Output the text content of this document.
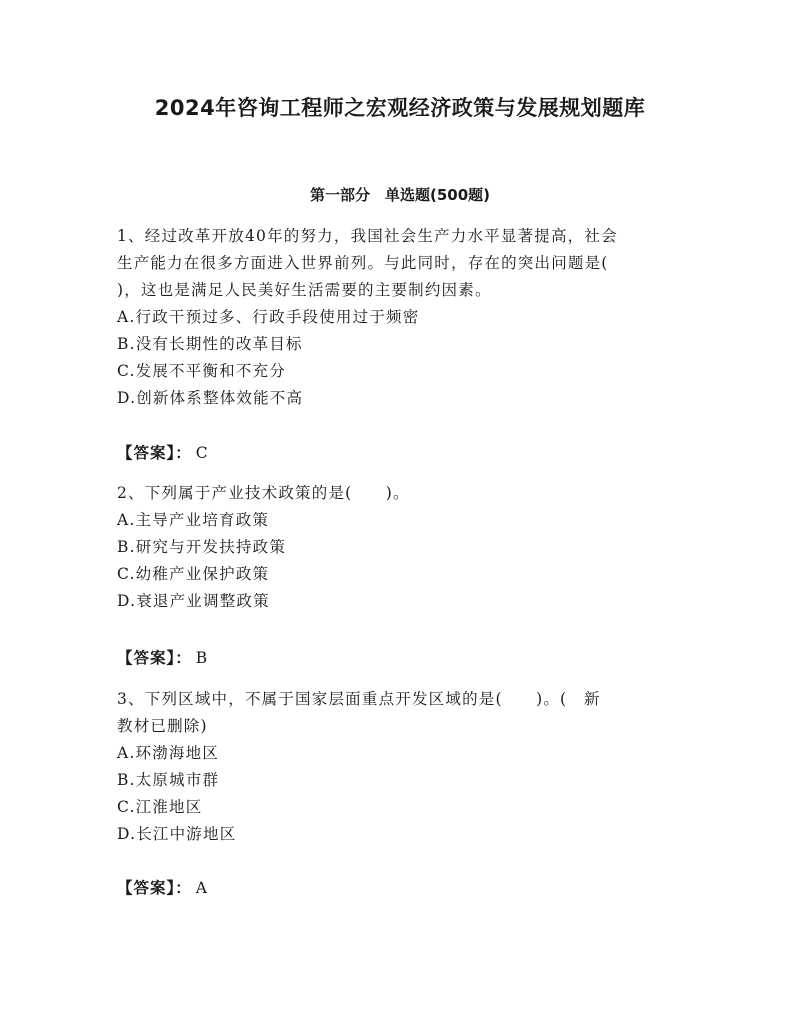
2024年咨询工程师之宏观经济政策与发展规划题库
第一部分　单选题(500题)

1、经过改革开放40年的努力，我国社会生产力水平显著提高，社会
生产能力在很多方面进入世界前列。与此同时，存在的突出问题是(
)，这也是满足人民美好生活需要的主要制约因素。

A.行政干预过多、行政手段使用过于频密
B.没有长期性的改革目标
C.发展不平衡和不充分
D.创新体系整体效能不高
【答案】： C

2、下列属于产业技术政策的是(　　)。

A.主导产业培育政策
B.研究与开发扶持政策
C.幼稚产业保护政策
D.衰退产业调整政策
【答案】： B

3、下列区域中，不属于国家层面重点开发区域的是(　　)。(　新
教材已删除)

A.环渤海地区
B.太原城市群
C.江淮地区
D.长江中游地区
【答案】： A
